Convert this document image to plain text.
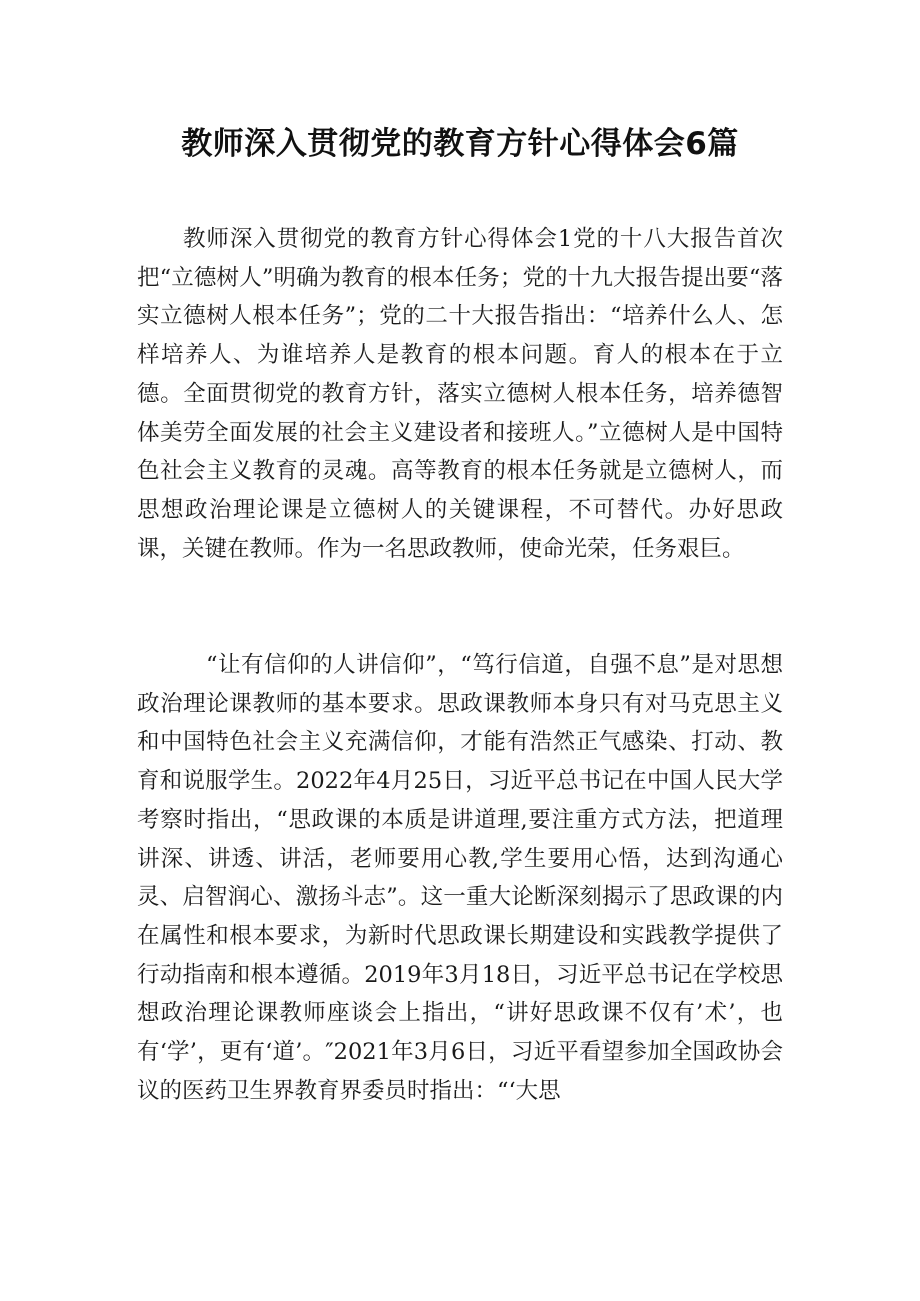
教师深入贯彻党的教育方针心得体会6篇

教师深入贯彻党的教育方针心得体会1党的十八大报告首次把“立德树人”明确为教育的根本任务；党的十九大报告提出要“落实立德树人根本任务”；党的二十大报告指出：“培养什么人、怎样培养人、为谁培养人是教育的根本问题。育人的根本在于立德。全面贯彻党的教育方针，落实立德树人根本任务，培养德智体美劳全面发展的社会主义建设者和接班人。”立德树人是中国特色社会主义教育的灵魂。高等教育的根本任务就是立德树人，而思想政治理论课是立德树人的关键课程，不可替代。办好思政课，关键在教师。作为一名思政教师，使命光荣，任务艰巨。

“让有信仰的人讲信仰”，“笃行信道，自强不息”是对思想政治理论课教师的基本要求。思政课教师本身只有对马克思主义和中国特色社会主义充满信仰，才能有浩然正气感染、打动、教育和说服学生。2022年4月25日，习近平总书记在中国人民大学考察时指出，“思政课的本质是讲道理,要注重方式方法，把道理讲深、讲透、讲活，老师要用心教,学生要用心悟，达到沟通心灵、启智润心、激扬斗志”。这一重大论断深刻揭示了思政课的内在属性和根本要求，为新时代思政课长期建设和实践教学提供了行动指南和根本遵循。2019年3月18日，习近平总书记在学校思想政治理论课教师座谈会上指出，“讲好思政课不仅有’术’，也有‘学’，更有‘道’。″2021年3月6日，习近平看望参加全国政协会议的医药卫生界教育界委员时指出：“‘大思
